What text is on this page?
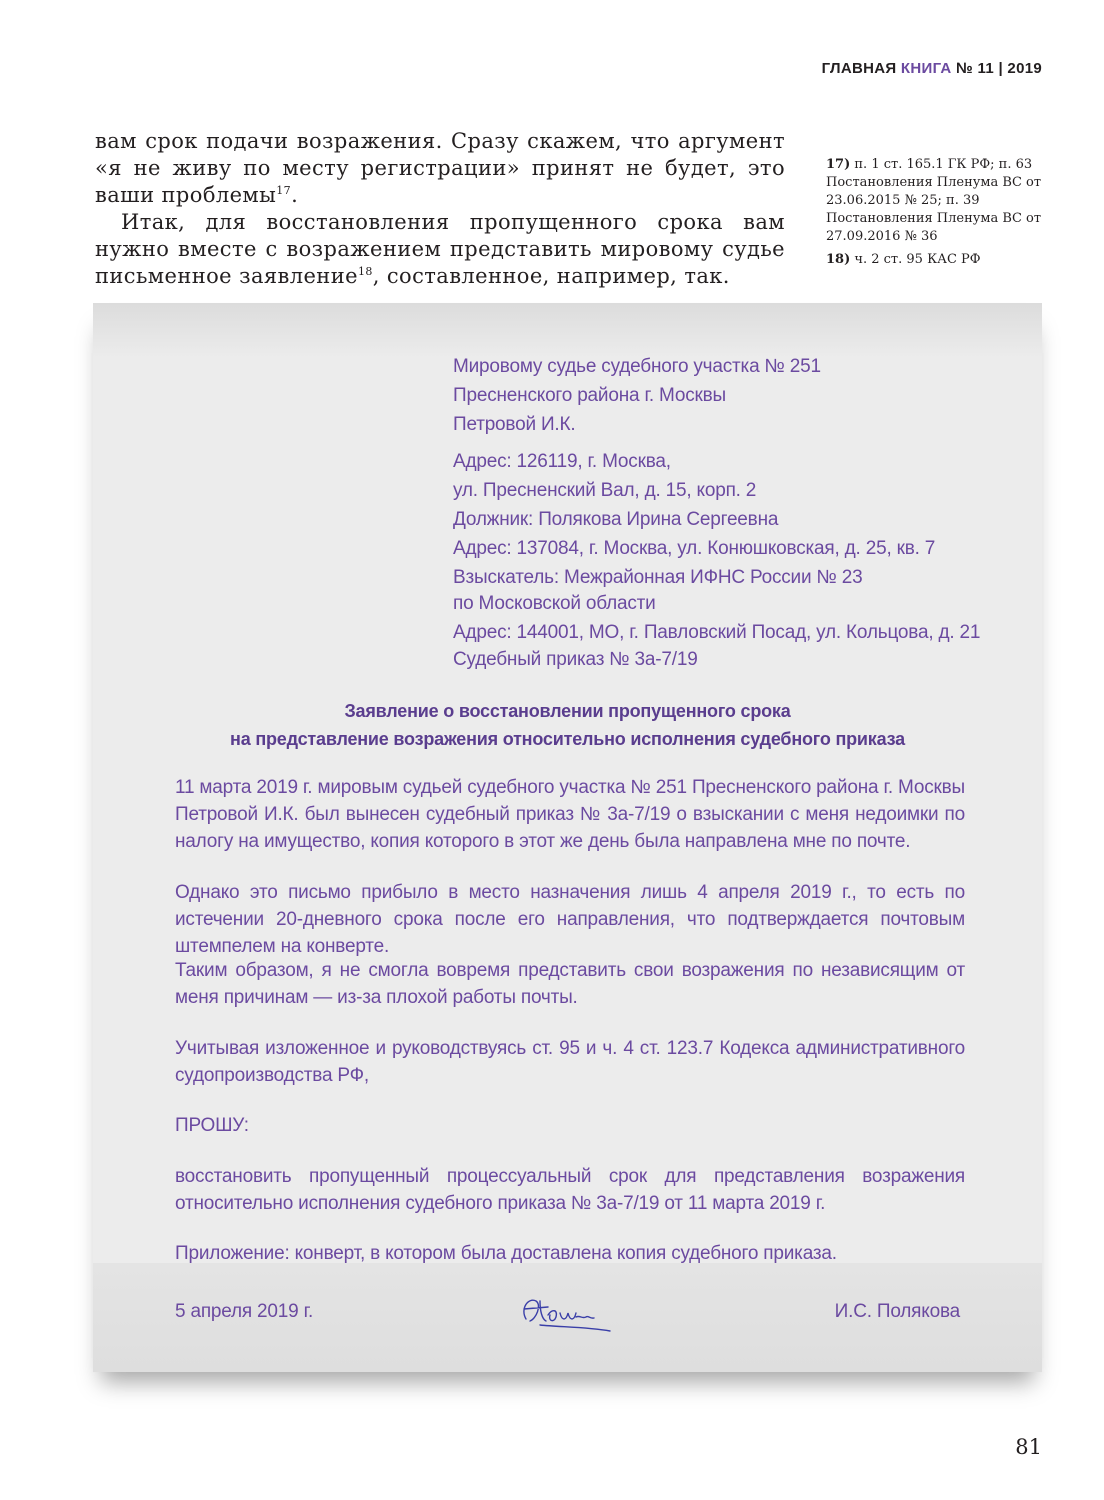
ГЛАВНАЯ КНИГА № 11 | 2019

вам срок подачи возражения. Сразу скажем, что аргумент «я не живу по месту регистрации» принят не будет, это ваши проблемы$^{17}$.

Итак, для восстановления пропущенного срока вам нужно вместе с возражением представить мировому судье письменное заявление$^{18}$, составленное, например, так.

17) п. 1 ст. 165.1 ГК РФ; п. 63 Постановления Пленума ВС от 23.06.2015 № 25; п. 39 Постановления Пленума ВС от 27.09.2016 № 36
18) ч. 2 ст. 95 КАС РФ
Мировому судье судебного участка № 251
Пресненского района г. Москвы
Петровой И.К.
Адрес: 126119, г. Москва,
ул. Пресненский Вал, д. 15, корп. 2
Должник: Полякова Ирина Сергеевна
Адрес: 137084, г. Москва, ул. Конюшковская, д. 25, кв. 7
Взыскатель: Межрайонная ИФНС России № 23
по Московской области
Адрес: 144001, МО, г. Павловский Посад, ул. Кольцова, д. 21
Судебный приказ № 3а-7/19
Заявление о восстановлении пропущенного срока
на представление возражения относительно исполнения судебного приказа

11 марта 2019 г. мировым судьей судебного участка № 251 Пресненского района г. Москвы Петровой И.К. был вынесен судебный приказ № 3а-7/19 о взыскании с меня недоимки по налогу на имущество, копия которого в этот же день была направлена мне по почте.

Однако это письмо прибыло в место назначения лишь 4 апреля 2019 г., то есть по истечении 20-дневного срока после его направления, что подтверждается почтовым штемпелем на конверте.

Таким образом, я не смогла вовремя представить свои возражения по независящим от меня причинам — из-за плохой работы почты.

Учитывая изложенное и руководствуясь ст. 95 и ч. 4 ст. 123.7 Кодекса административного судопроизводства РФ,

ПРОШУ:

восстановить пропущенный процессуальный срок для представления возражения относительно исполнения судебного приказа № 3а-7/19 от 11 марта 2019 г.

Приложение: конверт, в котором была доставлена копия судебного приказа.

5 апреля 2019 г.	И.С. Полякова
81
